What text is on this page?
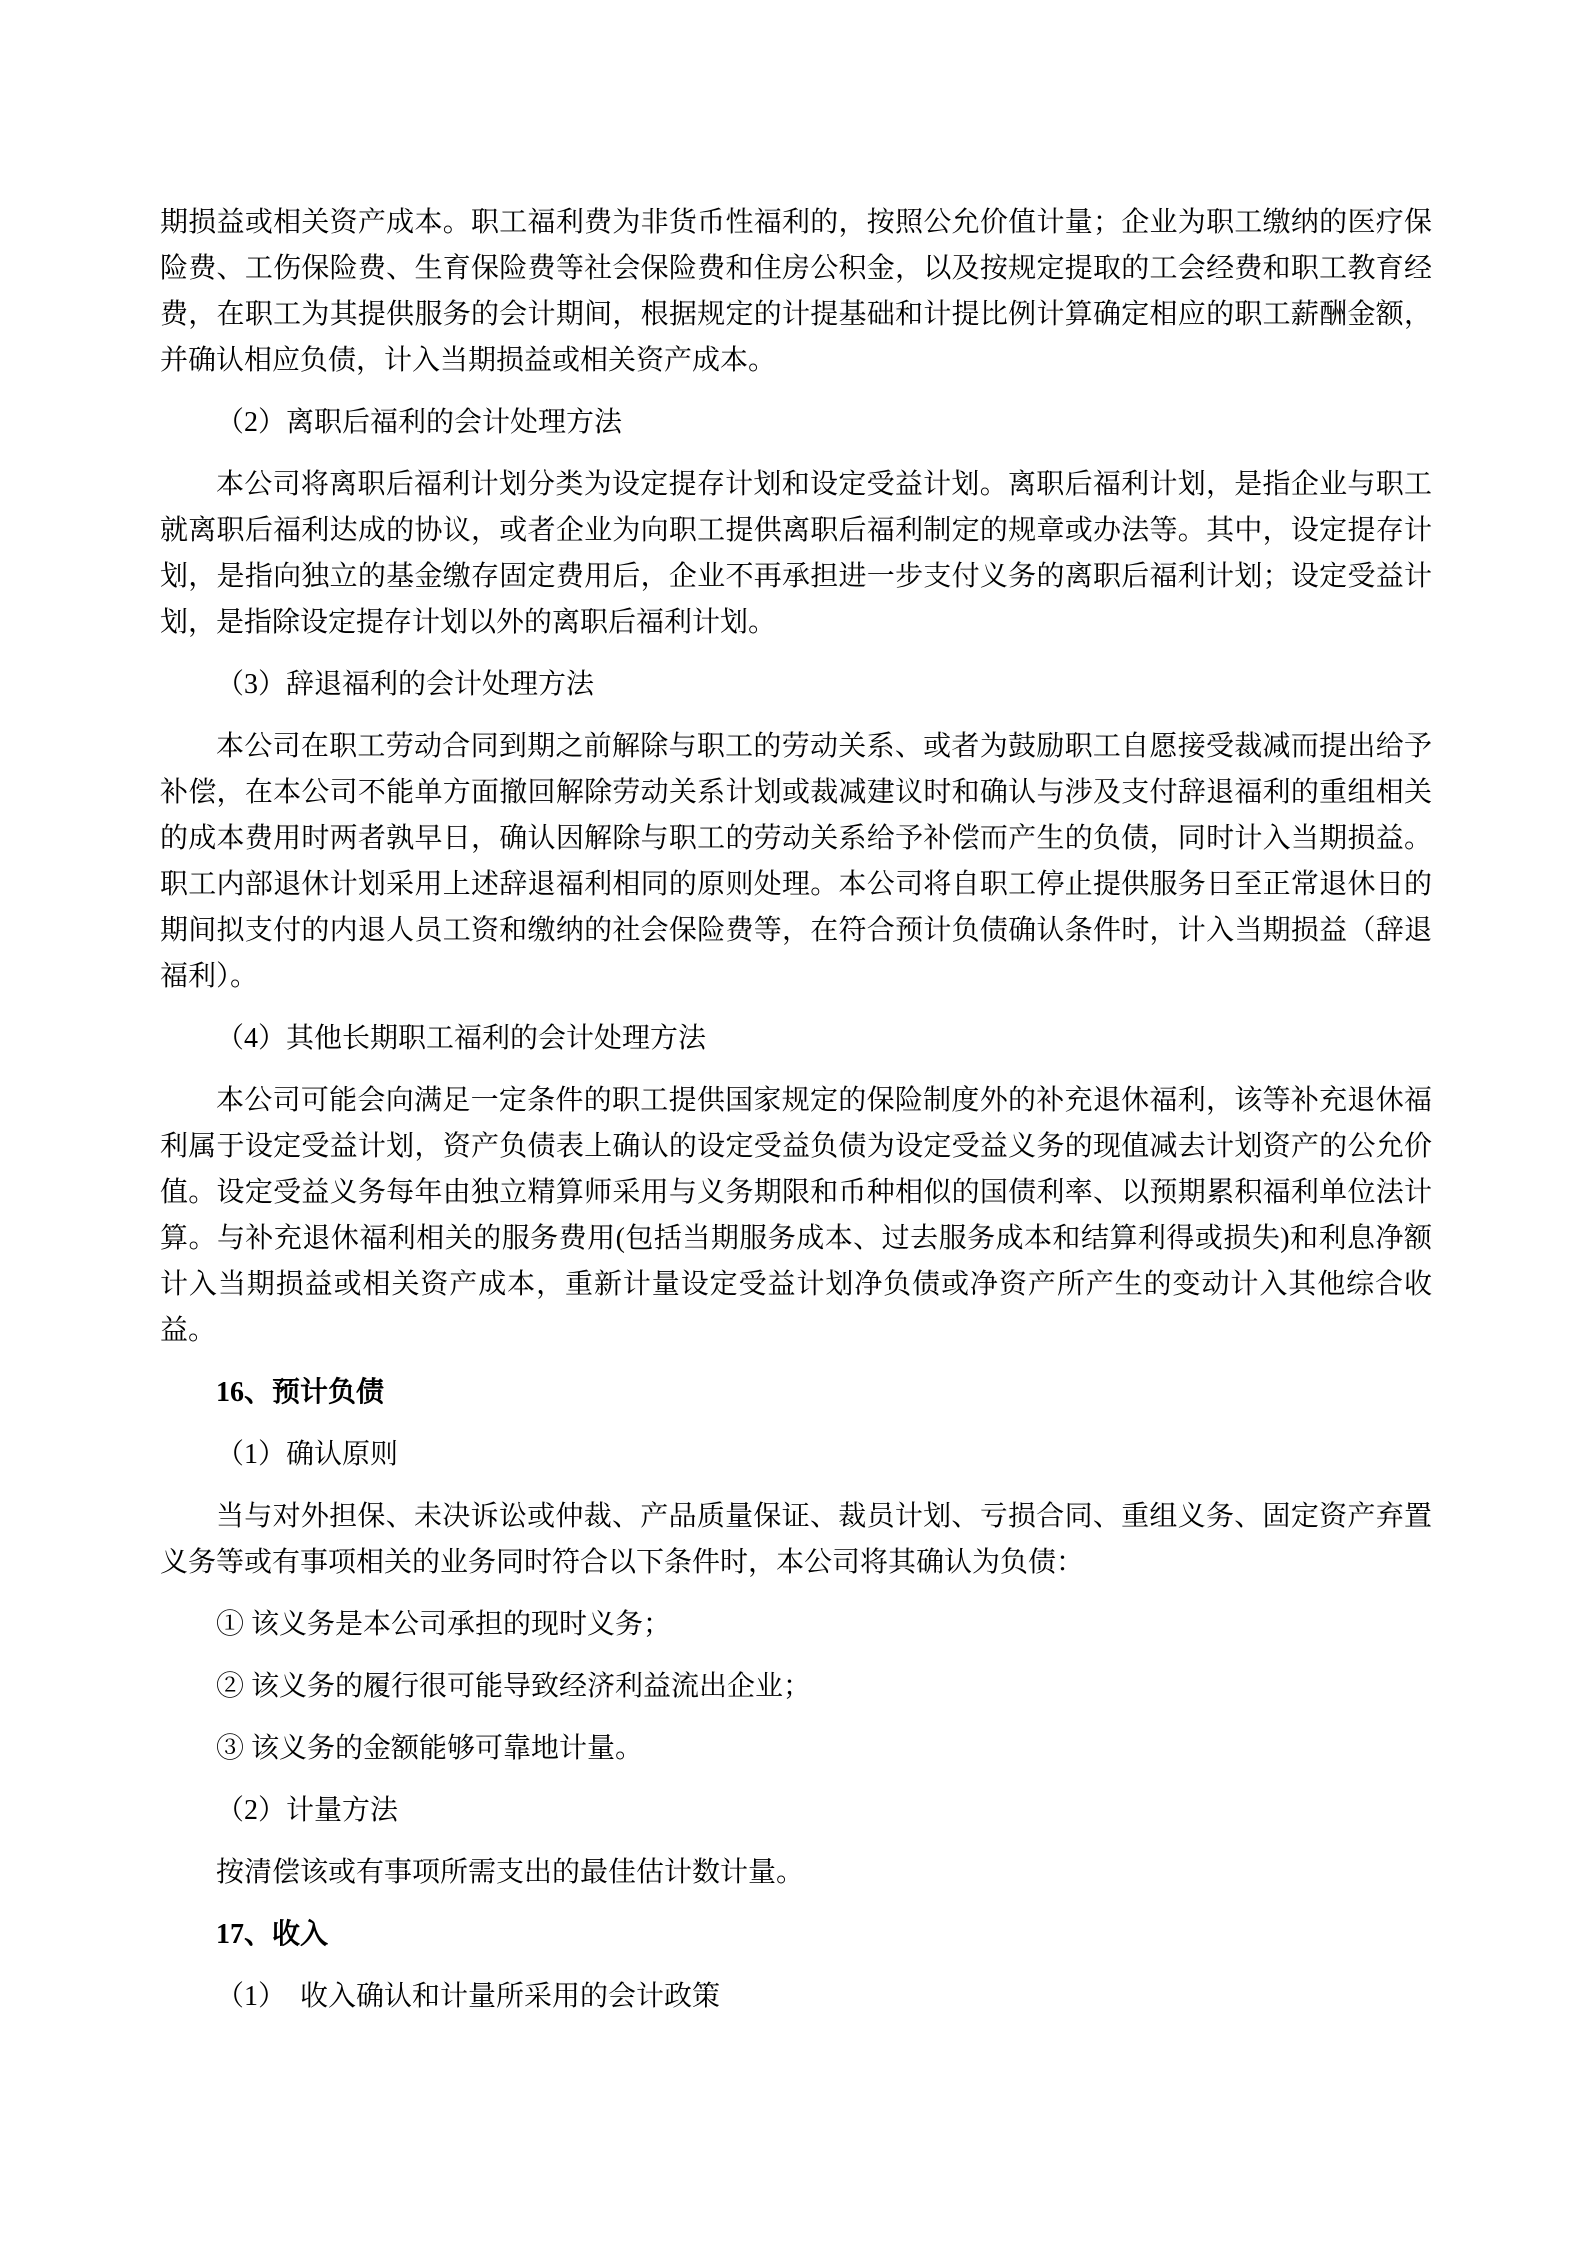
期损益或相关资产成本。职工福利费为非货币性福利的，按照公允价值计量；企业为职工缴纳的医疗保险费、工伤保险费、生育保险费等社会保险费和住房公积金，以及按规定提取的工会经费和职工教育经费，在职工为其提供服务的会计期间，根据规定的计提基础和计提比例计算确定相应的职工薪酬金额，并确认相应负债，计入当期损益或相关资产成本。

（2）离职后福利的会计处理方法

本公司将离职后福利计划分类为设定提存计划和设定受益计划。离职后福利计划，是指企业与职工就离职后福利达成的协议，或者企业为向职工提供离职后福利制定的规章或办法等。其中，设定提存计划，是指向独立的基金缴存固定费用后，企业不再承担进一步支付义务的离职后福利计划；设定受益计划，是指除设定提存计划以外的离职后福利计划。

（3）辞退福利的会计处理方法

本公司在职工劳动合同到期之前解除与职工的劳动关系、或者为鼓励职工自愿接受裁减而提出给予补偿，在本公司不能单方面撤回解除劳动关系计划或裁减建议时和确认与涉及支付辞退福利的重组相关的成本费用时两者孰早日，确认因解除与职工的劳动关系给予补偿而产生的负债，同时计入当期损益。职工内部退休计划采用上述辞退福利相同的原则处理。本公司将自职工停止提供服务日至正常退休日的期间拟支付的内退人员工资和缴纳的社会保险费等，在符合预计负债确认条件时，计入当期损益（辞退福利）。

（4）其他长期职工福利的会计处理方法

本公司可能会向满足一定条件的职工提供国家规定的保险制度外的补充退休福利，该等补充退休福利属于设定受益计划，资产负债表上确认的设定受益负债为设定受益义务的现值减去计划资产的公允价值。设定受益义务每年由独立精算师采用与义务期限和币种相似的国债利率、以预期累积福利单位法计算。与补充退休福利相关的服务费用(包括当期服务成本、过去服务成本和结算利得或损失)和利息净额计入当期损益或相关资产成本，重新计量设定受益计划净负债或净资产所产生的变动计入其他综合收益。

16、预计负债

（1）确认原则

当与对外担保、未决诉讼或仲裁、产品质量保证、裁员计划、亏损合同、重组义务、固定资产弃置义务等或有事项相关的业务同时符合以下条件时，本公司将其确认为负债：

① 该义务是本公司承担的现时义务；

② 该义务的履行很可能导致经济利益流出企业；

③ 该义务的金额能够可靠地计量。

（2）计量方法

按清偿该或有事项所需支出的最佳估计数计量。

17、收入

（1）　收入确认和计量所采用的会计政策
